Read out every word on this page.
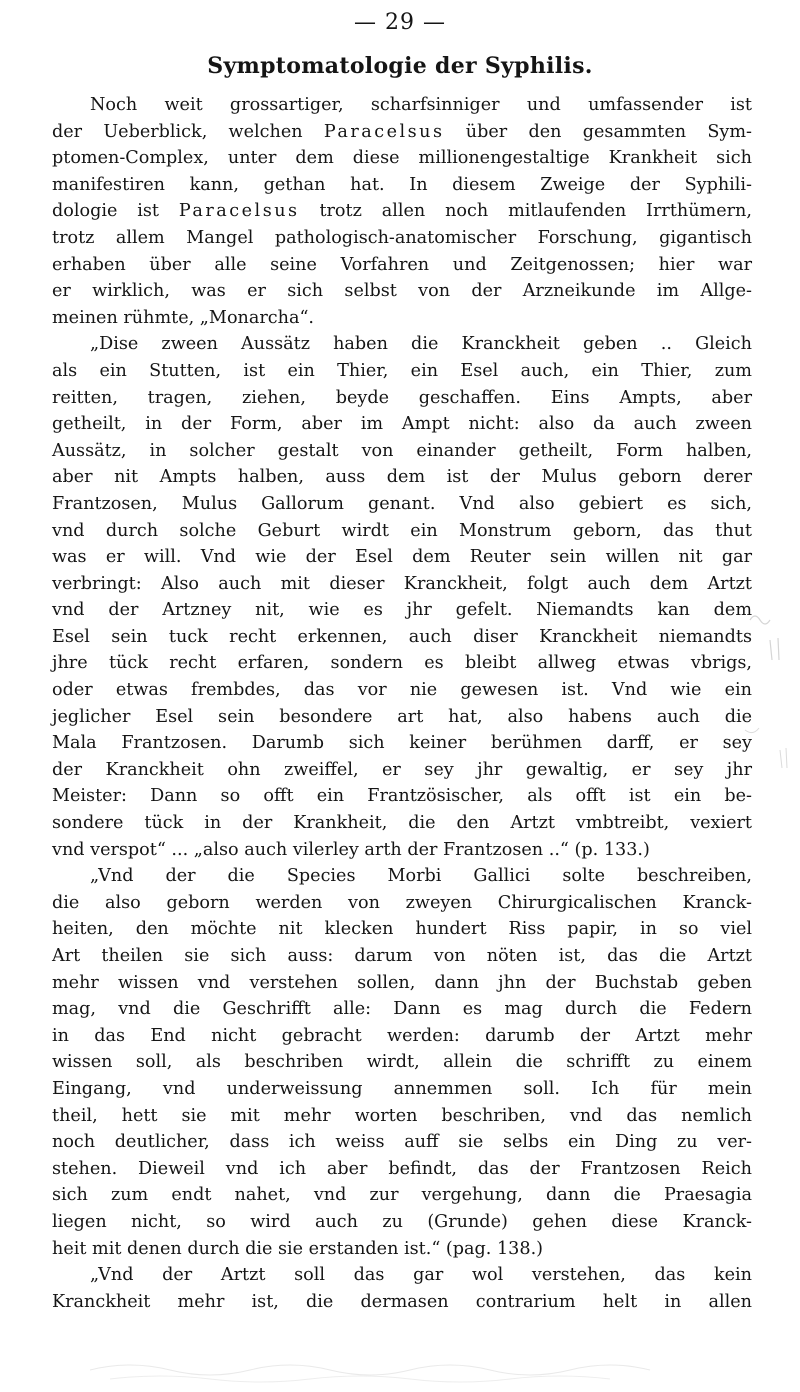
— 29 —
Symptomatologie der Syphilis.
Noch weit grossartiger, scharfsinniger und umfassender ist
der Ueberblick, welchen Paracelsus über den gesammten Sym-
ptomen-Complex, unter dem diese millionengestaltige Krankheit sich
manifestiren kann, gethan hat. In diesem Zweige der Syphili-
dologie ist Paracelsus trotz allen noch mitlaufenden Irrthümern,
trotz allem Mangel pathologisch-anatomischer Forschung, gigantisch
erhaben über alle seine Vorfahren und Zeitgenossen; hier war
er wirklich, was er sich selbst von der Arzneikunde im Allge-
meinen rühmte, „Monarcha“.
„Dise zween Aussätz haben die Kranckheit geben .. Gleich
als ein Stutten, ist ein Thier, ein Esel auch, ein Thier, zum
reitten, tragen, ziehen, beyde geschaffen. Eins Ampts, aber
getheilt, in der Form, aber im Ampt nicht: also da auch zween
Aussätz, in solcher gestalt von einander getheilt, Form halben,
aber nit Ampts halben, auss dem ist der Mulus geborn derer
Frantzosen, Mulus Gallorum genant. Vnd also gebiert es sich,
vnd durch solche Geburt wirdt ein Monstrum geborn, das thut
was er will. Vnd wie der Esel dem Reuter sein willen nit gar
verbringt: Also auch mit dieser Kranckheit, folgt auch dem Artzt
vnd der Artzney nit, wie es jhr gefelt. Niemandts kan dem
Esel sein tuck recht erkennen, auch diser Kranckheit niemandts
jhre tück recht erfaren, sondern es bleibt allweg etwas vbrigs,
oder etwas frembdes, das vor nie gewesen ist. Vnd wie ein
jeglicher Esel sein besondere art hat, also habens auch die
Mala Frantzosen. Darumb sich keiner berühmen darff, er sey
der Kranckheit ohn zweiffel, er sey jhr gewaltig, er sey jhr
Meister: Dann so offt ein Frantzösischer, als offt ist ein be-
sondere tück in der Krankheit, die den Artzt vmbtreibt, vexiert
vnd verspot“ ... „also auch vilerley arth der Frantzosen ..“ (p. 133.)
„Vnd der die Species Morbi Gallici solte beschreiben,
die also geborn werden von zweyen Chirurgicalischen Kranck-
heiten, den möchte nit klecken hundert Riss papir, in so viel
Art theilen sie sich auss: darum von nöten ist, das die Artzt
mehr wissen vnd verstehen sollen, dann jhn der Buchstab geben
mag, vnd die Geschrifft alle: Dann es mag durch die Federn
in das End nicht gebracht werden: darumb der Artzt mehr
wissen soll, als beschriben wirdt, allein die schrifft zu einem
Eingang, vnd underweissung annemmen soll. Ich für mein
theil, hett sie mit mehr worten beschriben, vnd das nemlich
noch deutlicher, dass ich weiss auff sie selbs ein Ding zu ver-
stehen. Dieweil vnd ich aber befindt, das der Frantzosen Reich
sich zum endt nahet, vnd zur vergehung, dann die Praesagia
liegen nicht, so wird auch zu (Grunde) gehen diese Kranck-
heit mit denen durch die sie erstanden ist.“ (pag. 138.)
„Vnd der Artzt soll das gar wol verstehen, das kein
Kranckheit mehr ist, die dermasen contrarium helt in allen
